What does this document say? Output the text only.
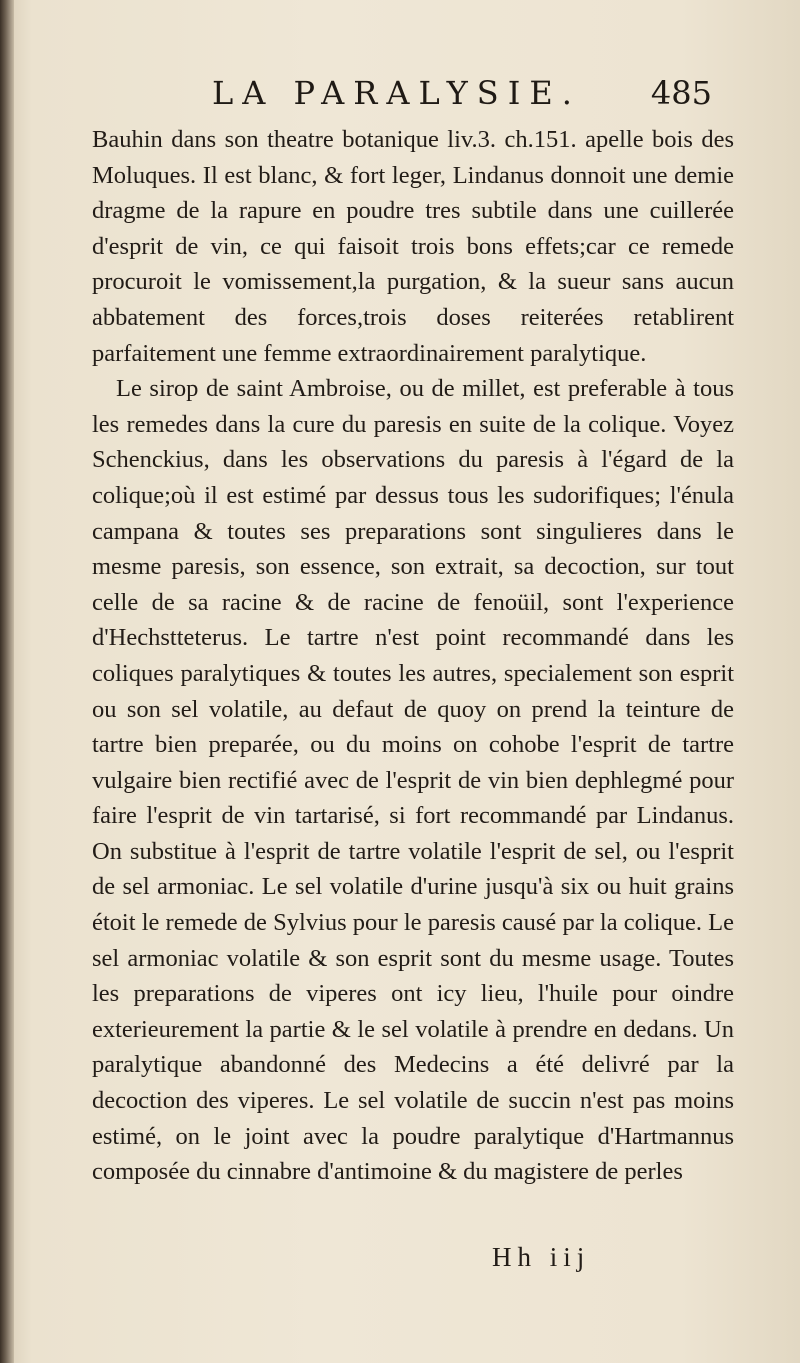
LA PARALYSIE. 485

Bauhin dans son theatre botanique liv.3. ch.151. apelle bois des Moluques. Il est blanc, & fort leger, Lindanus donnoit une demie dragme de la rapure en poudre tres subtile dans une cuillerée d'esprit de vin, ce qui faisoit trois bons effets;car ce remede procuroit le vomissement,la purgation, & la sueur sans aucun abbatement des forces,trois doses reiterées retablirent parfaitement une femme extraordinairement paralytique.

Le sirop de saint Ambroise, ou de millet, est preferable à tous les remedes dans la cure du paresis en suite de la colique. Voyez Schenckius, dans les observations du paresis à l'égard de la colique;où il est estimé par dessus tous les sudorifiques; l'énula campana & toutes ses preparations sont singulieres dans le mesme paresis, son essence, son extrait, sa decoction, sur tout celle de sa racine & de racine de fenoüil, sont l'experience d'Hechstteterus. Le tartre n'est point recommandé dans les coliques paralytiques & toutes les autres, specialement son esprit ou son sel volatile, au defaut de quoy on prend la teinture de tartre bien preparée, ou du moins on cohobe l'esprit de tartre vulgaire bien rectifié avec de l'esprit de vin bien dephlegmé pour faire l'esprit de vin tartarisé, si fort recommandé par Lindanus. On substitue à l'esprit de tartre volatile l'esprit de sel, ou l'esprit de sel armoniac. Le sel volatile d'urine jusqu'à six ou huit grains étoit le remede de Sylvius pour le paresis causé par la colique. Le sel armoniac volatile & son esprit sont du mesme usage. Toutes les preparations de viperes ont icy lieu, l'huile pour oindre exterieurement la partie & le sel volatile à prendre en dedans. Un paralytique abandonné des Medecins a été delivré par la decoction des viperes. Le sel volatile de succin n'est pas moins estimé, on le joint avec la poudre paralytique d'Hartmannus composée du cinnabre d'antimoine & du magistere de perles

Hh iij
